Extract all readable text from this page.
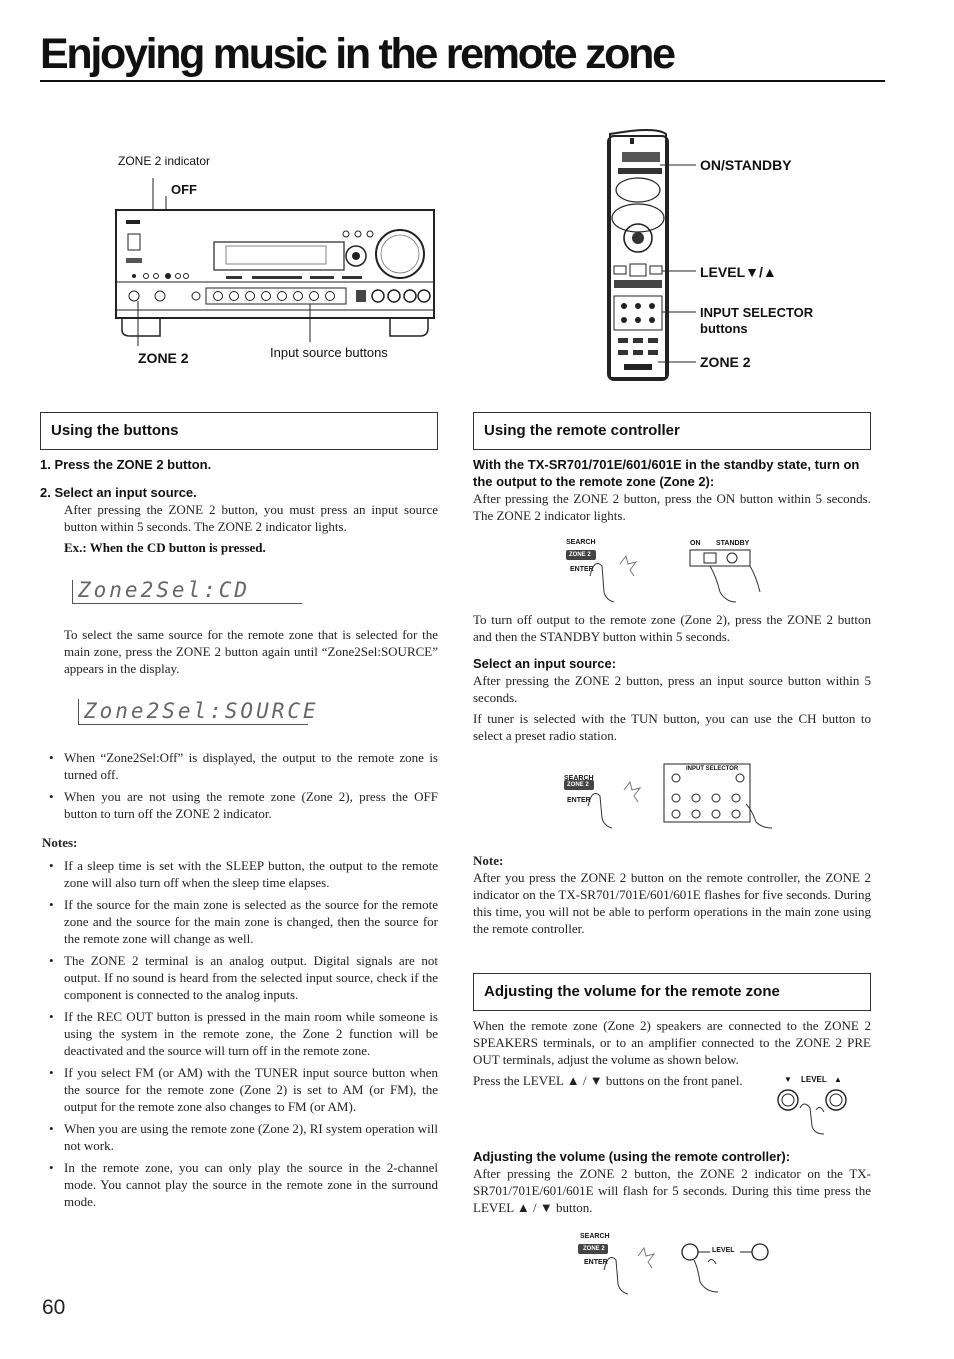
Enjoying music in the remote zone
ZONE 2 indicator
OFF
ZONE 2	Input source buttons
ON/STANDBY
LEVEL▼/▲
INPUT SELECTOR
buttons
ZONE 2
Using the buttons
1. Press the ZONE 2 button.
2. Select an input source.

After pressing the ZONE 2 button, you must press an input source button within 5 seconds. The ZONE 2 indicator lights.

Ex.: When the CD button is pressed.
Zone2Sel:CD

To select the same source for the remote zone that is selected for the main zone, press the ZONE 2 button again until “Zone2Sel:SOURCE” appears in the display.

Zone2Sel:SOURCE
• When “Zone2Sel:Off” is displayed, the output to the remote zone is turned off.
• When you are not using the remote zone (Zone 2), press the OFF button to turn off the ZONE 2 indicator.
Notes:
• If a sleep time is set with the SLEEP button, the output to the remote zone will also turn off when the sleep time elapses.
• If the source for the main zone is selected as the source for the remote zone and the source for the main zone is changed, then the source for the remote zone will change as well.
• The ZONE 2 terminal is an analog output. Digital signals are not output. If no sound is heard from the selected input source, check if the component is connected to the analog inputs.
• If the REC OUT button is pressed in the main room while someone is using the system in the remote zone, the Zone 2 function will be deactivated and the source will turn off in the remote zone.
• If you select FM (or AM) with the TUNER input source button when the source for the remote zone (Zone 2) is set to AM (or FM), the output for the remote zone also changes to FM (or AM).
• When you are using the remote zone (Zone 2), RI system operation will not work.
• In the remote zone, you can only play the source in the 2-channel mode. You cannot play the source in the remote zone in the surround mode.
Using the remote controller
With the TX-SR701/701E/601/601E in the standby state, turn on the output to the remote zone (Zone 2):

After pressing the ZONE 2 button, press the ON button within 5 seconds. The ZONE 2 indicator lights.

SEARCH
ZONE 2
ENTER
ON STANDBY

To turn off output to the remote zone (Zone 2), press the ZONE 2 button and then the STANDBY button within 5 seconds.

Select an input source:

After pressing the ZONE 2 button, press an input source button within 5 seconds.

If tuner is selected with the TUN button, you can use the CH button to select a preset radio station.

SEARCH
ZONE 2
ENTER
INPUT SELECTOR
Note:

After you press the ZONE 2 button on the remote controller, the ZONE 2 indicator on the TX-SR701/701E/601/601E flashes for five seconds. During this time, you will not be able to perform operations in the main zone using the remote controller.

Adjusting the volume for the remote zone

When the remote zone (Zone 2) speakers are connected to the ZONE 2 SPEAKERS terminals, or to an amplifier connected to the ZONE 2 PRE OUT terminals, adjust the volume as shown below.

Press the LEVEL ▲ / ▼ buttons on the front panel.	▼ LEVEL ▲
Adjusting the volume (using the remote controller):

After pressing the ZONE 2 button, the ZONE 2 indicator on the TX-SR701/701E/601/601E will flash for 5 seconds. During this time press the LEVEL ▲ / ▼ button.

SEARCH
ZONE 2
ENTER
LEVEL
60
